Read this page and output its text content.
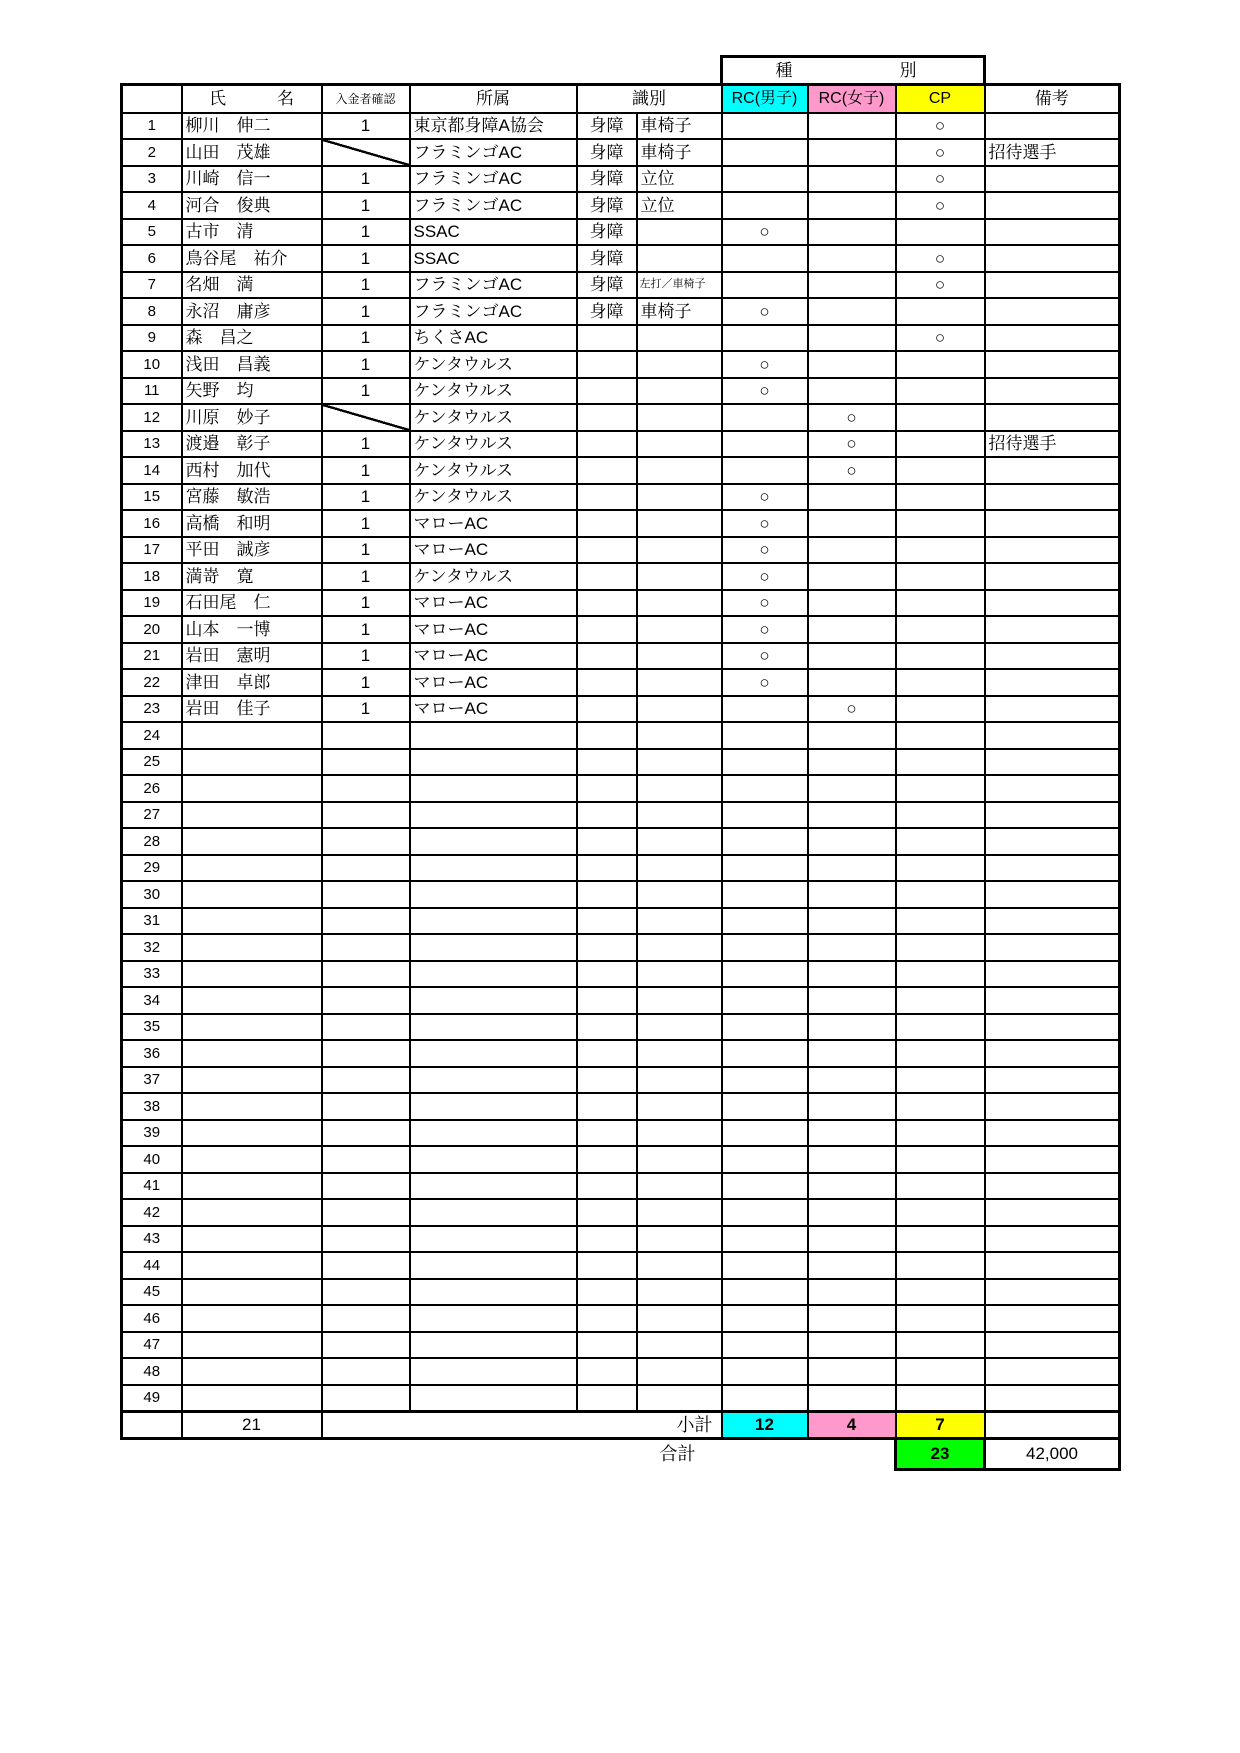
						種　　　別			
	氏　　　名	入金者確認	所属	識別		RC(男子)	RC(女子)	CP	備考
1	柳川　伸二	1	東京都身障A協会	身障	車椅子			○	
2	山田　茂雄		フラミンゴAC	身障	車椅子			○	招待選手
3	川崎　信一	1	フラミンゴAC	身障	立位			○	
4	河合　俊典	1	フラミンゴAC	身障	立位			○	
5	古市　清	1	SSAC	身障		○			
6	鳥谷尾　祐介	1	SSAC	身障				○	
7	名畑　満	1	フラミンゴAC	身障	左打／車椅子			○	
8	永沼　庸彦	1	フラミンゴAC	身障	車椅子	○			
9	森　昌之	1	ちくさAC					○	
10	浅田　昌義	1	ケンタウルス			○			
11	矢野　均	1	ケンタウルス			○			
12	川原　妙子		ケンタウルス				○		
13	渡邉　彰子	1	ケンタウルス				○		招待選手
14	西村　加代	1	ケンタウルス				○		
15	宮藤　敏浩	1	ケンタウルス			○			
16	高橋　和明	1	マローAC			○			
17	平田　誠彦	1	マローAC			○			
18	満嵜　寛	1	ケンタウルス			○			
19	石田尾　仁	1	マローAC			○			
20	山本　一博	1	マローAC			○			
21	岩田　憲明	1	マローAC			○			
22	津田　卓郎	1	マローAC			○			
23	岩田　佳子	1	マローAC				○		
24									
25									
26									
27									
28									
29									
30									
31									
32									
33									
34									
35									
36									
37									
38									
39									
40									
41									
42									
43									
44									
45									
46									
47									
48									
49									
	21	小計				12	4	7	
合計								23	42,000
